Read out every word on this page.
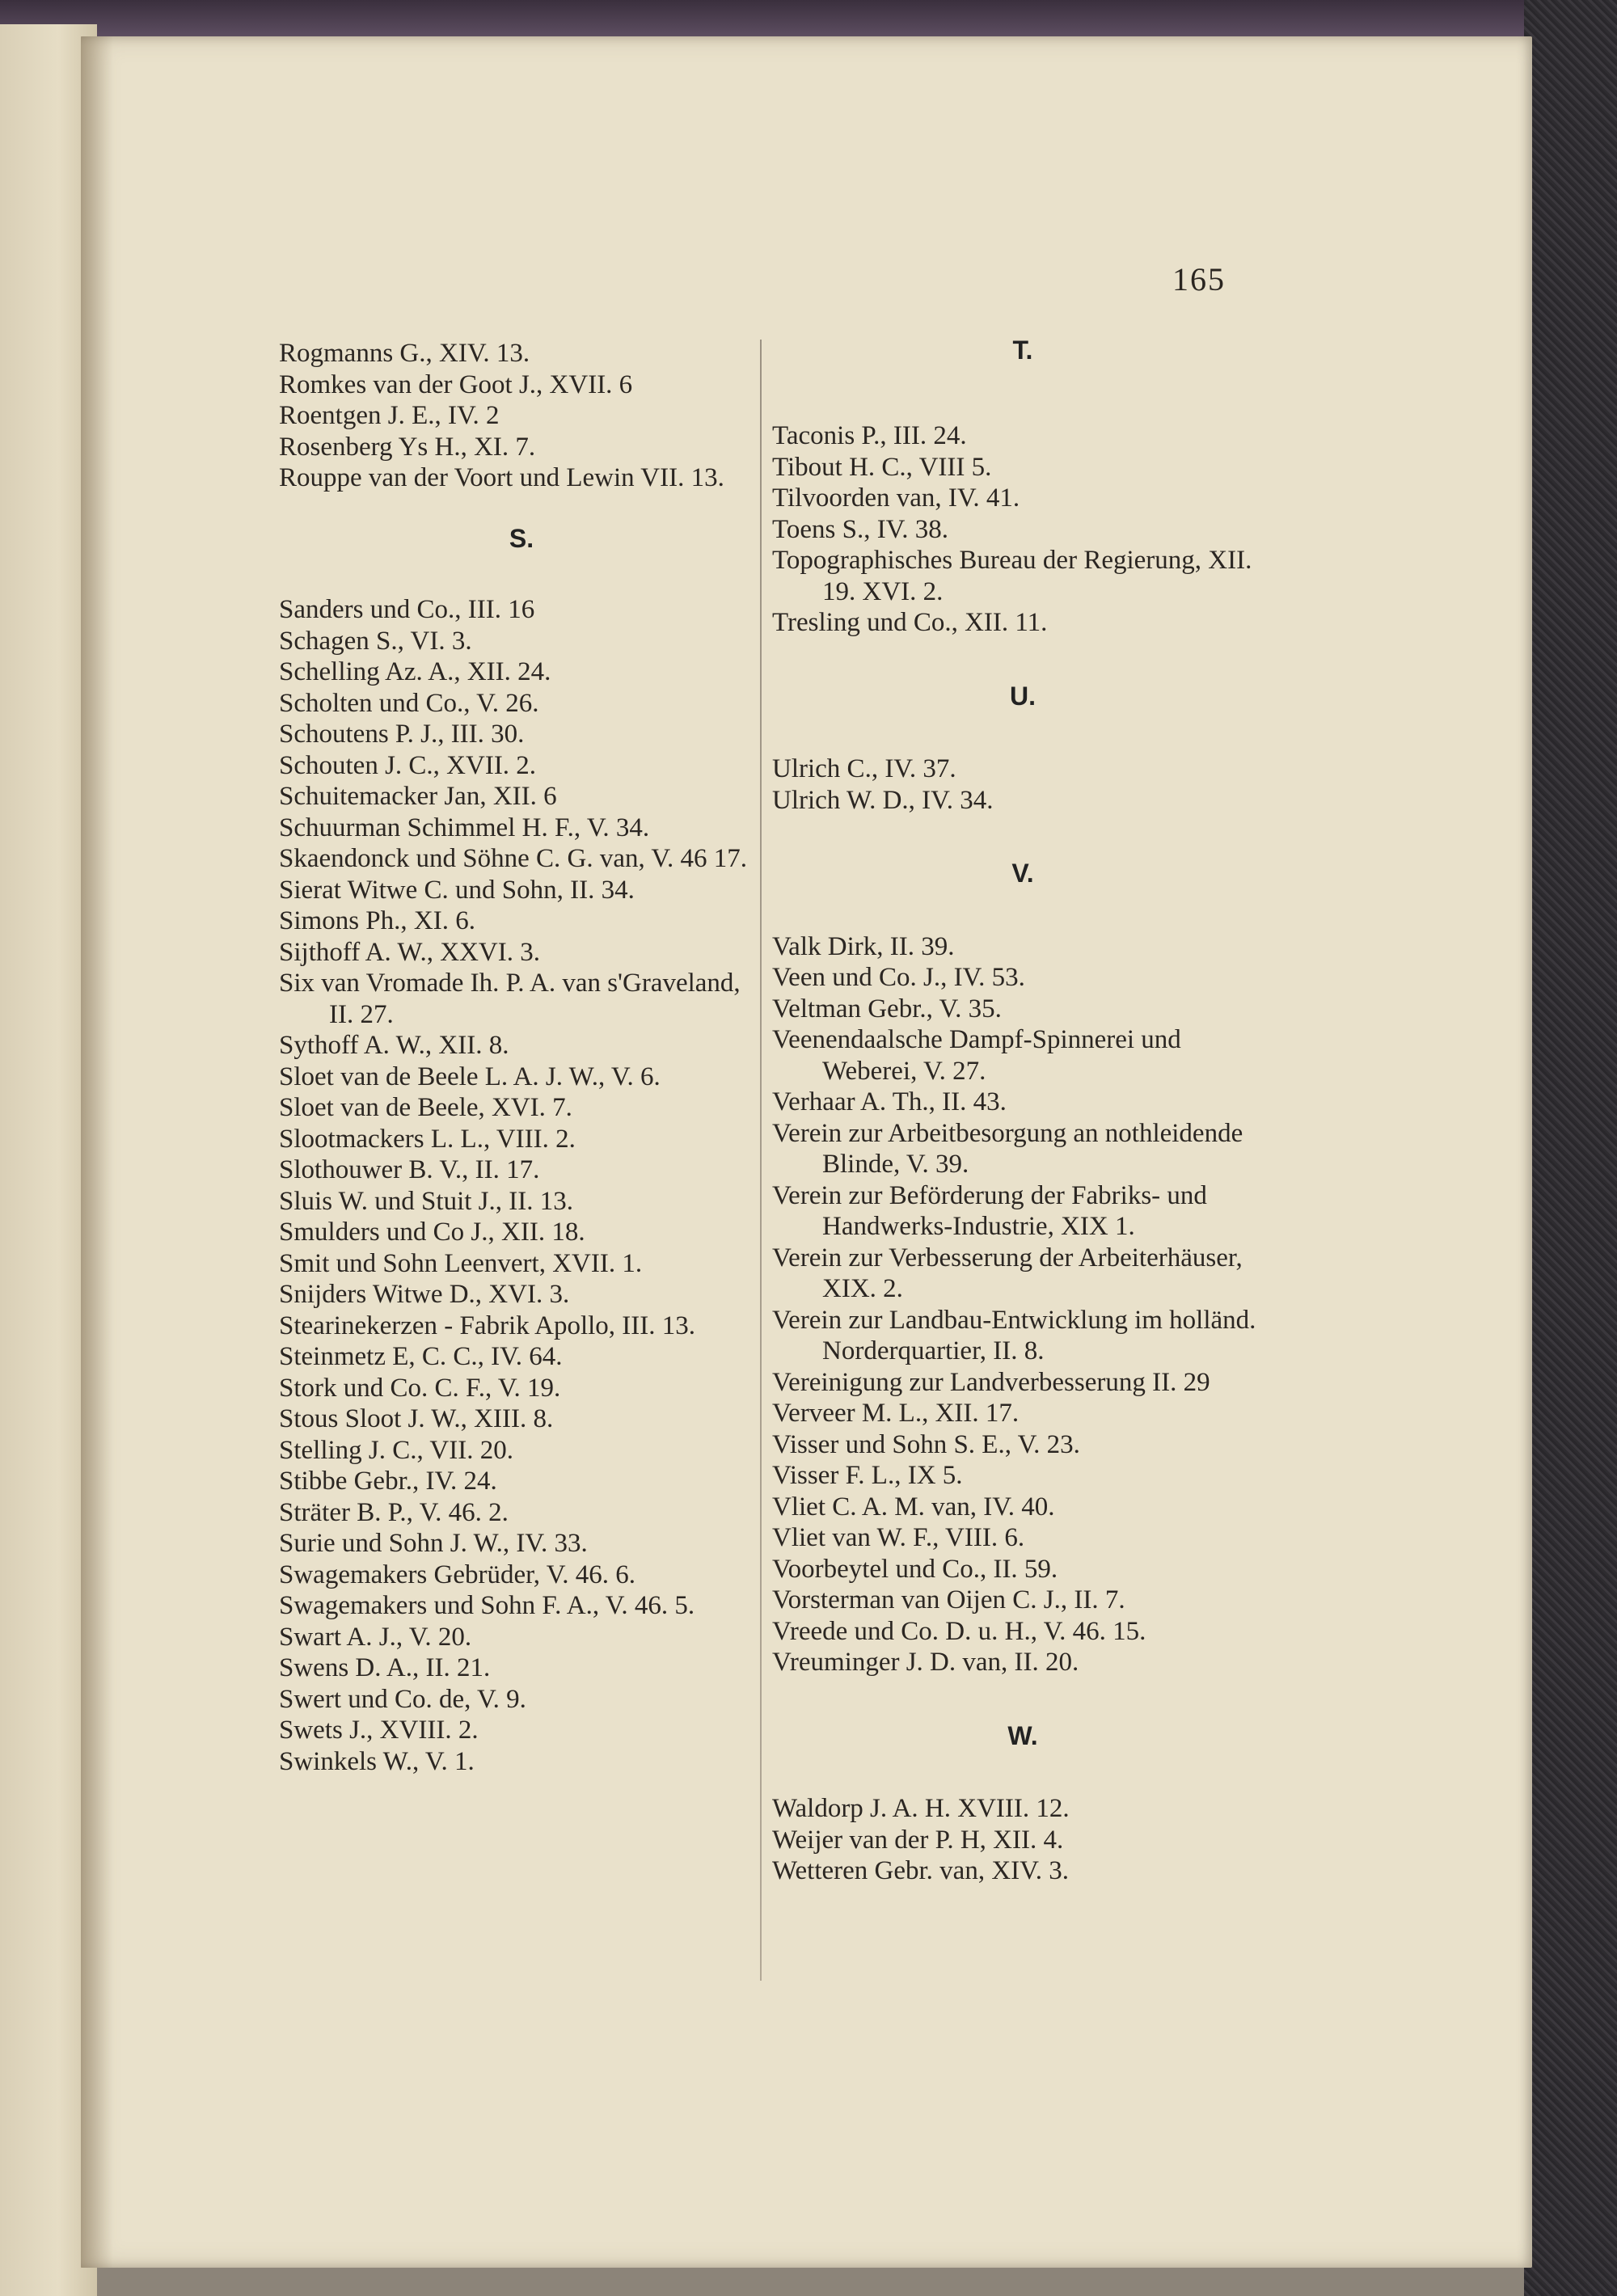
165

Rogmanns G., XIV. 13.

Romkes van der Goot J., XVII. 6

Roentgen J. E., IV. 2

Rosenberg Ys H., XI. 7.

Rouppe van der Voort und Lewin VII. 13.

S.

Sanders und Co., III. 16

Schagen S., VI. 3.

Schelling Az. A., XII. 24.

Scholten und Co., V. 26.

Schoutens P. J., III. 30.

Schouten J. C., XVII. 2.

Schuitemacker Jan, XII. 6

Schuurman Schimmel H. F., V. 34.

Skaendonck und Söhne C. G. van, V. 46 17.

Sierat Witwe C. und Sohn, II. 34.

Simons Ph., XI. 6.

Sijthoff A. W., XXVI. 3.

Six van Vromade Ih. P. A. van s'Graveland, II. 27.

Sythoff A. W., XII. 8.

Sloet van de Beele L. A. J. W., V. 6.

Sloet van de Beele, XVI. 7.

Slootmackers L. L., VIII. 2.

Slothouwer B. V., II. 17.

Sluis W. und Stuit J., II. 13.

Smulders und Co J., XII. 18.

Smit und Sohn Leenvert, XVII. 1.

Snijders Witwe D., XVI. 3.

Stearinekerzen - Fabrik Apollo, III. 13.

Steinmetz E, C. C., IV. 64.

Stork und Co. C. F., V. 19.

Stous Sloot J. W., XIII. 8.

Stelling J. C., VII. 20.

Stibbe Gebr., IV. 24.

Sträter B. P., V. 46. 2.

Surie und Sohn J. W., IV. 33.

Swagemakers Gebrüder, V. 46. 6.

Swagemakers und Sohn F. A., V. 46. 5.

Swart A. J., V. 20.

Swens D. A., II. 21.

Swert und Co. de, V. 9.

Swets J., XVIII. 2.

Swinkels W., V. 1.

T.

Taconis P., III. 24.

Tibout H. C., VIII 5.

Tilvoorden van, IV. 41.

Toens S., IV. 38.

Topographisches Bureau der Regierung, XII. 19. XVI. 2.

Tresling und Co., XII. 11.

U.

Ulrich C., IV. 37.

Ulrich W. D., IV. 34.

V.

Valk Dirk, II. 39.

Veen und Co. J., IV. 53.

Veltman Gebr., V. 35.

Veenendaalsche Dampf-Spinnerei und Weberei, V. 27.

Verhaar A. Th., II. 43.

Verein zur Arbeitbesorgung an nothleidende Blinde, V. 39.

Verein zur Beförderung der Fabriks- und Handwerks-Industrie, XIX 1.

Verein zur Verbesserung der Arbeiterhäuser, XIX. 2.

Verein zur Landbau-Entwicklung im holländ. Norderquartier, II. 8.

Vereinigung zur Landverbesserung II. 29

Verveer M. L., XII. 17.

Visser und Sohn S. E., V. 23.

Visser F. L., IX 5.

Vliet C. A. M. van, IV. 40.

Vliet van W. F., VIII. 6.

Voorbeytel und Co., II. 59.

Vorsterman van Oijen C. J., II. 7.

Vreede und Co. D. u. H., V. 46. 15.

Vreuminger J. D. van, II. 20.

W.

Waldorp J. A. H. XVIII. 12.

Weijer van der P. H, XII. 4.

Wetteren Gebr. van, XIV. 3.
